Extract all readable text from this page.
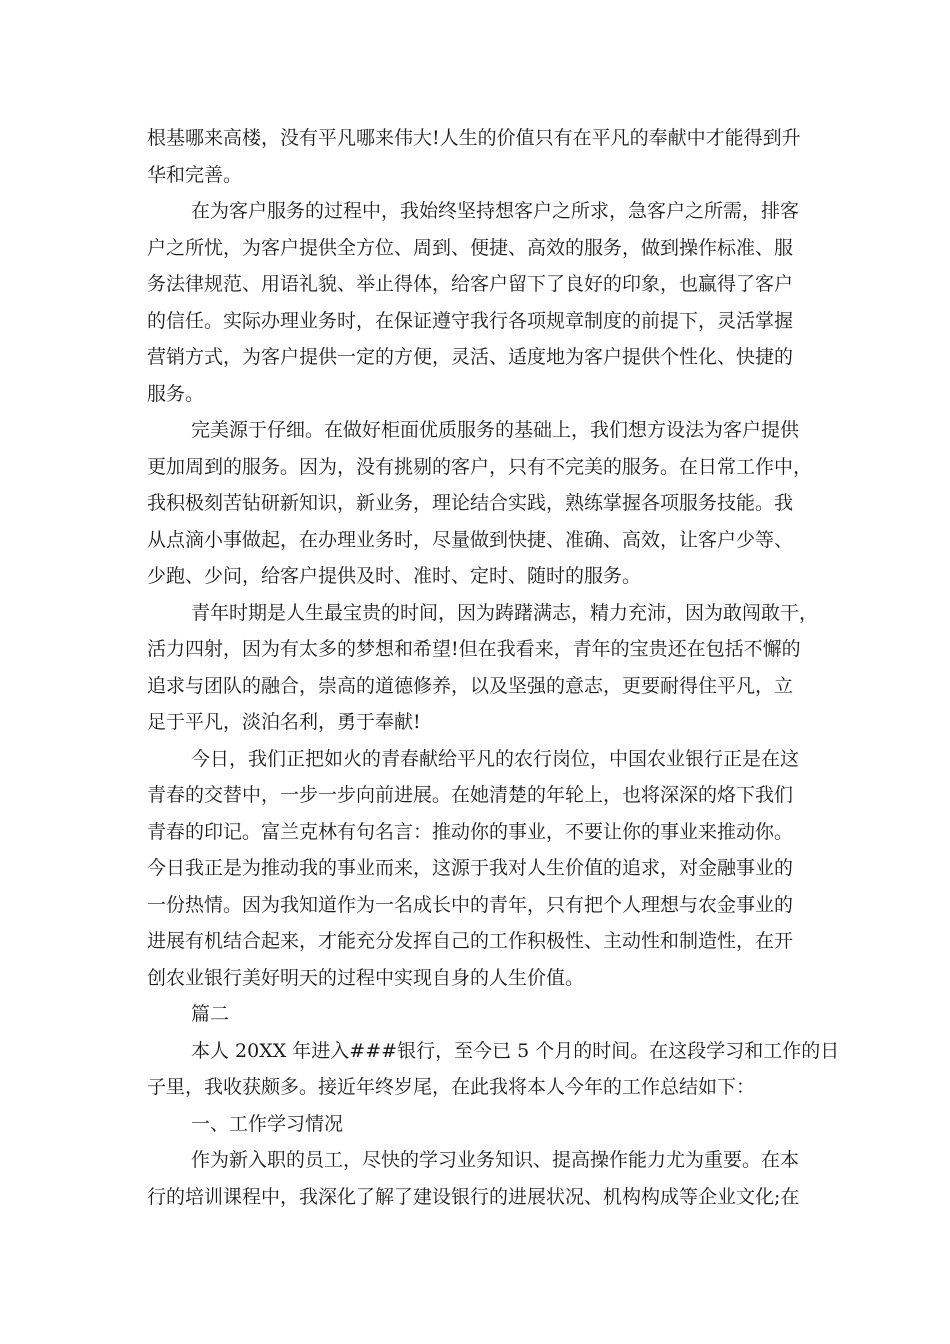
根基哪来高楼，没有平凡哪来伟大!人生的价值只有在平凡的奉献中才能得到升
华和完善。
在为客户服务的过程中，我始终坚持想客户之所求，急客户之所需，排客
户之所忧，为客户提供全方位、周到、便捷、高效的服务，做到操作标准、服
务法律规范、用语礼貌、举止得体，给客户留下了良好的印象，也赢得了客户
的信任。实际办理业务时，在保证遵守我行各项规章制度的前提下，灵活掌握
营销方式，为客户提供一定的方便，灵活、适度地为客户提供个性化、快捷的
服务。
完美源于仔细。在做好柜面优质服务的基础上，我们想方设法为客户提供
更加周到的服务。因为，没有挑剔的客户，只有不完美的服务。在日常工作中，
我积极刻苦钻研新知识，新业务，理论结合实践，熟练掌握各项服务技能。我
从点滴小事做起，在办理业务时，尽量做到快捷、准确、高效，让客户少等、
少跑、少问，给客户提供及时、准时、定时、随时的服务。
青年时期是人生最宝贵的时间，因为踌躇满志，精力充沛，因为敢闯敢干，
活力四射，因为有太多的梦想和希望!但在我看来，青年的宝贵还在包括不懈的
追求与团队的融合，崇高的道德修养，以及坚强的意志，更要耐得住平凡，立
足于平凡，淡泊名利，勇于奉献!
今日，我们正把如火的青春献给平凡的农行岗位，中国农业银行正是在这
青春的交替中，一步一步向前进展。在她清楚的年轮上，也将深深的烙下我们
青春的印记。富兰克林有句名言：推动你的事业，不要让你的事业来推动你。
今日我正是为推动我的事业而来，这源于我对人生价值的追求，对金融事业的
一份热情。因为我知道作为一名成长中的青年，只有把个人理想与农金事业的
进展有机结合起来，才能充分发挥自己的工作积极性、主动性和制造性，在开
创农业银行美好明天的过程中实现自身的人生价值。
篇二
本人 20XX 年进入###银行，至今已 5 个月的时间。在这段学习和工作的日
子里，我收获颇多。接近年终岁尾，在此我将本人今年的工作总结如下：
一、工作学习情况
作为新入职的员工，尽快的学习业务知识、提高操作能力尤为重要。在本
行的培训课程中，我深化了解了建设银行的进展状况、机构构成等企业文化;在
